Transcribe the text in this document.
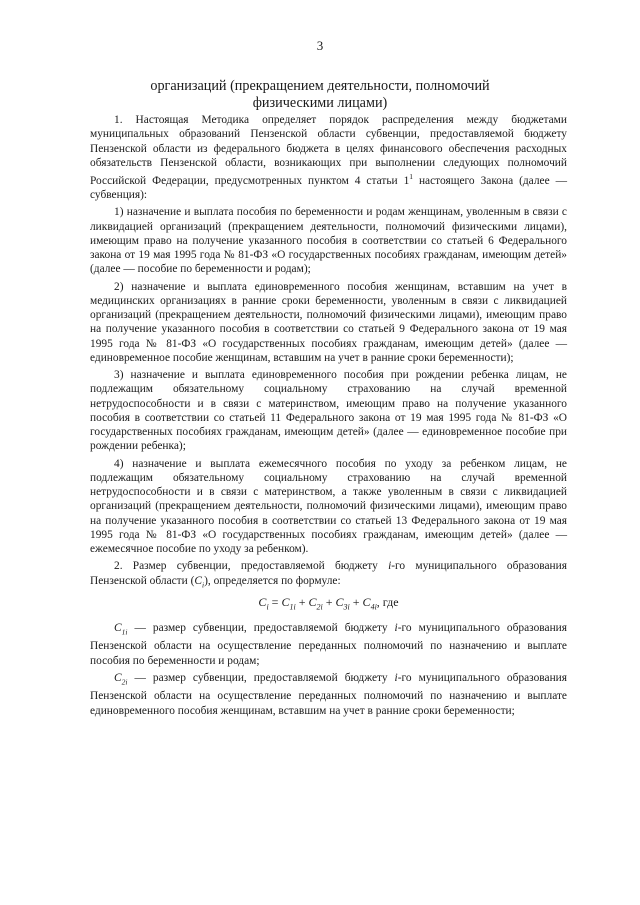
3
организаций (прекращением деятельности, полномочий
физическими лицами)

1. Настоящая Методика определяет порядок распределения между бюджетами муниципальных образований Пензенской области субвенции, предоставляемой бюджету Пензенской области из федерального бюджета в целях финансового обеспечения расходных обязательств Пензенской области, возникающих при выполнении следующих полномочий Российской Федерации, предусмотренных пунктом 4 статьи $1^1$ настоящего Закона (далее — субвенция):

1) назначение и выплата пособия по беременности и родам женщинам, уволенным в связи с ликвидацией организаций (прекращением деятельности, полномочий физическими лицами), имеющим право на получение указанного пособия в соответствии со статьей 6 Федерального закона от 19 мая 1995 года № 81-ФЗ «О государственных пособиях гражданам, имеющим детей» (далее — пособие по беременности и родам);

2) назначение и выплата единовременного пособия женщинам, вставшим на учет в медицинских организациях в ранние сроки беременности, уволенным в связи с ликвидацией организаций (прекращением деятельности, полномочий физическими лицами), имеющим право на получение указанного пособия в соответствии со статьей 9 Федерального закона от 19 мая 1995 года № 81-ФЗ «О государственных пособиях гражданам, имеющим детей» (далее — единовременное пособие женщинам, вставшим на учет в ранние сроки беременности);

3) назначение и выплата единовременного пособия при рождении ребенка лицам, не подлежащим обязательному социальному страхованию на случай временной нетрудоспособности и в связи с материнством, имеющим право на получение указанного пособия в соответствии со статьей 11 Федерального закона от 19 мая 1995 года № 81-ФЗ «О государственных пособиях гражданам, имеющим детей» (далее — единовременное пособие при рождении ребенка);

4) назначение и выплата ежемесячного пособия по уходу за ребенком лицам, не подлежащим обязательному социальному страхованию на случай временной нетрудоспособности и в связи с материнством, а также уволенным в связи с ликвидацией организаций (прекращением деятельности, полномочий физическими лицами), имеющим право на получение указанного пособия в соответствии со статьей 13 Федерального закона от 19 мая 1995 года № 81-ФЗ «О государственных пособиях гражданам, имеющим детей» (далее — ежемесячное пособие по уходу за ребенком).

2. Размер субвенции, предоставляемой бюджету i-го муниципального образования Пензенской области $(C_i)$, определяется по формуле:

$C_i = C_{1i} + C_{2i} + C_{3i} + C_{4i}$, где

$C_{1i}$ — размер субвенции, предоставляемой бюджету i-го муниципального образования Пензенской области на осуществление переданных полномочий по назначению и выплате пособия по беременности и родам;

$C_{2i}$ — размер субвенции, предоставляемой бюджету i-го муниципального образования Пензенской области на осуществление переданных полномочий по назначению и выплате единовременного пособия женщинам, вставшим на учет в ранние сроки беременности;
